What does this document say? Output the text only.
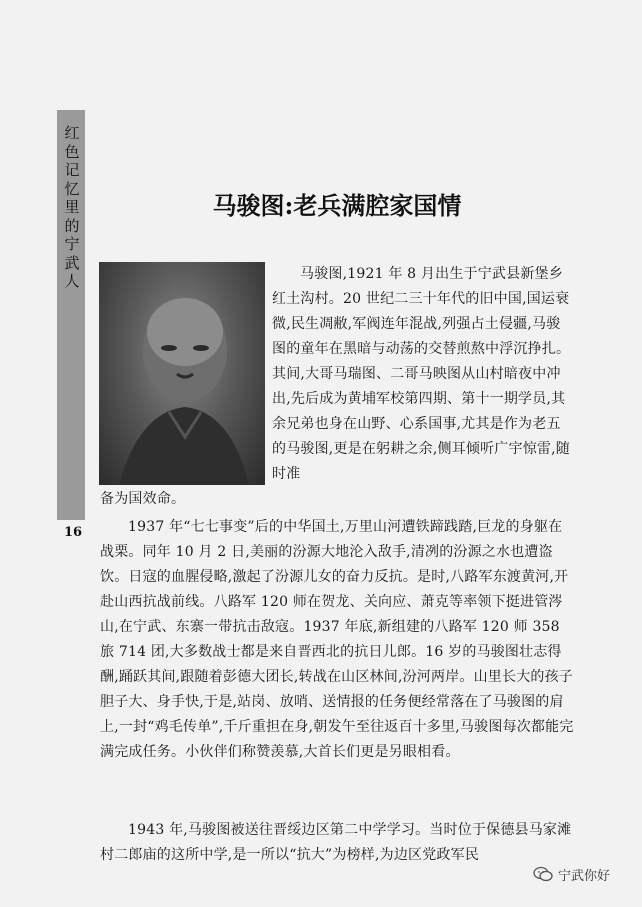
红色记忆里的宁武人
16
马骏图:老兵满腔家国情
马骏图,1921 年 8 月出生于宁武县新堡乡红土沟村。20 世纪二三十年代的旧中国,国运衰微,民生凋敝,军阀连年混战,列强占土侵疆,马骏图的童年在黑暗与动荡的交替煎熬中浮沉挣扎。其间,大哥马瑞图、二哥马映图从山村暗夜中冲出,先后成为黄埔军校第四期、第十一期学员,其余兄弟也身在山野、心系国事,尤其是作为老五的马骏图,更是在躬耕之余,侧耳倾听广宇惊雷,随时准
备为国效命。
1937 年“七七事变”后的中华国土,万里山河遭铁蹄践踏,巨龙的身躯在战栗。同年 10 月 2 日,美丽的汾源大地沦入敌手,清冽的汾源之水也遭盗饮。日寇的血腥侵略,激起了汾源儿女的奋力反抗。是时,八路军东渡黄河,开赴山西抗战前线。八路军 120 师在贺龙、关向应、萧克等率领下挺进管涔山,在宁武、东寨一带抗击敌寇。1937 年底,新组建的八路军 120 师 358 旅 714 团,大多数战士都是来自晋西北的抗日儿郎。16 岁的马骏图壮志得酬,踊跃其间,跟随着彭德大团长,转战在山区林间,汾河两岸。山里长大的孩子胆子大、身手快,于是,站岗、放哨、送情报的任务便经常落在了马骏图的肩上,一封“鸡毛传单”,千斤重担在身,朝发午至往返百十多里,马骏图每次都能完满完成任务。小伙伴们称赞羡慕,大首长们更是另眼相看。
1943 年,马骏图被送往晋绥边区第二中学学习。当时位于保德县马家滩村二郎庙的这所中学,是一所以“抗大”为榜样,为边区党政军民
宁武你好
